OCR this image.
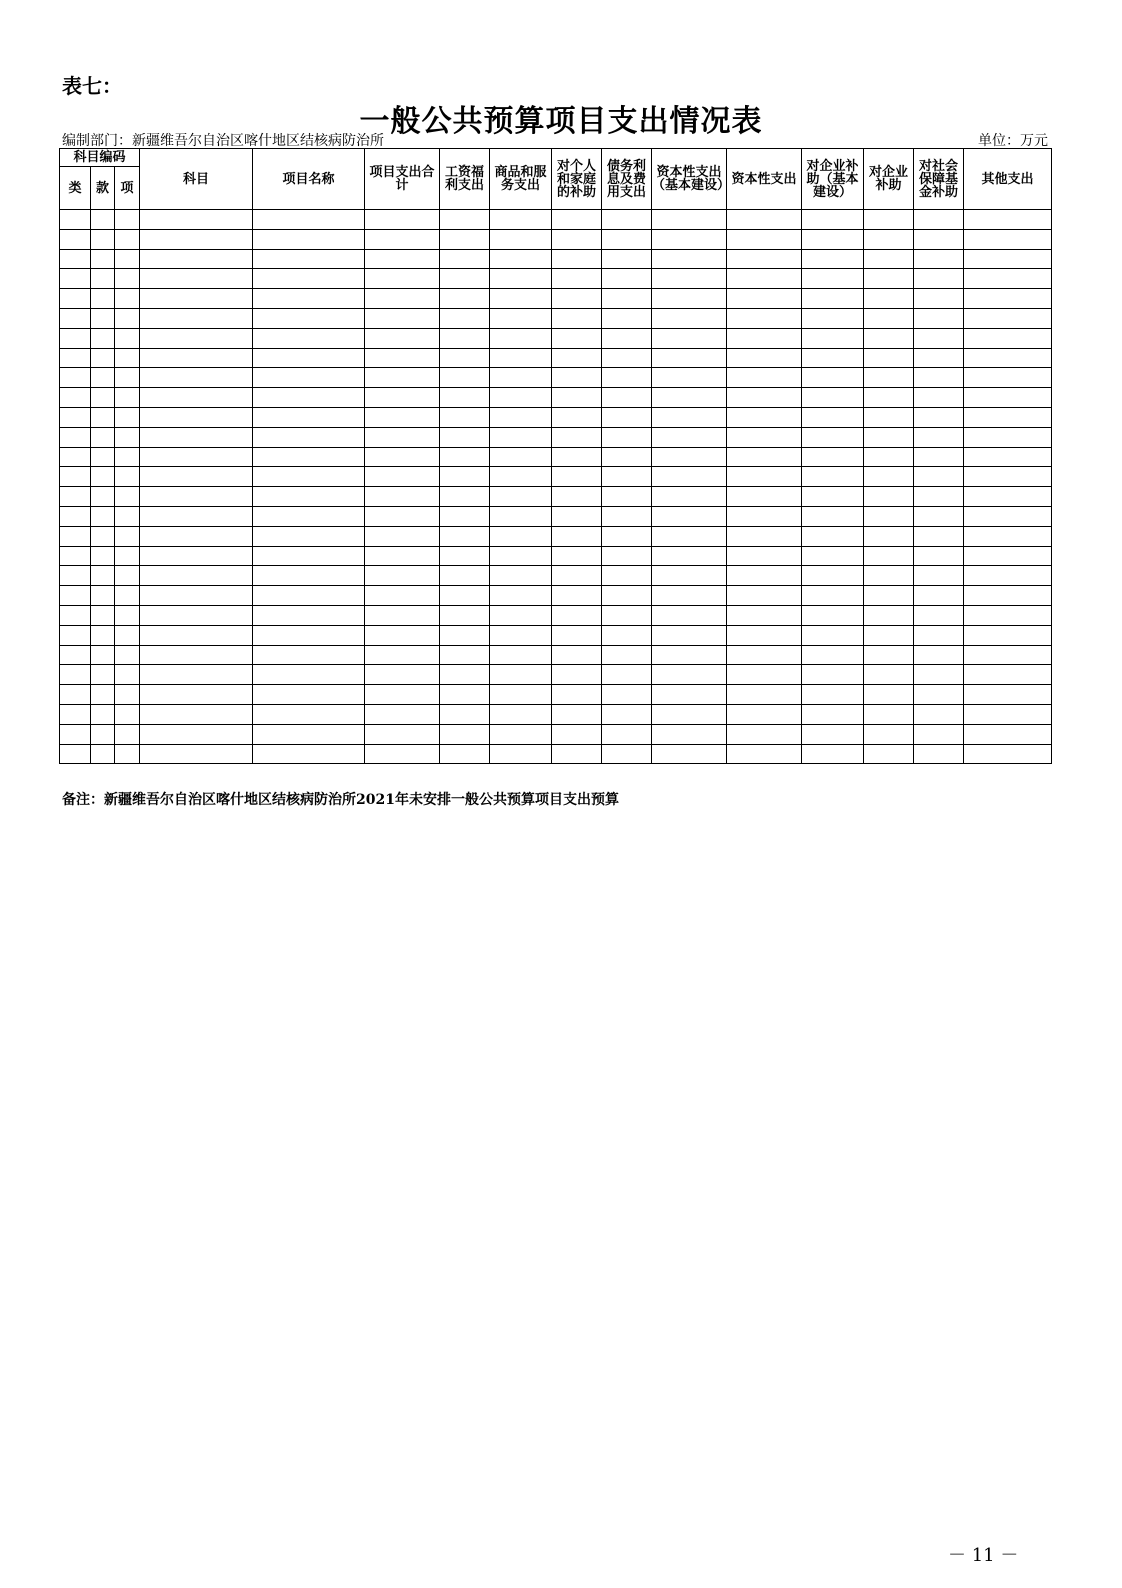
表七：
一般公共预算项目支出情况表
编制部门：新疆维吾尔自治区喀什地区结核病防治所	单位：万元
科目编码			科目	项目名称	项目支出合计	工资福利支出	商品和服务支出	对个人和家庭的补助	债务利息及费用支出	资本性支出（基本建设）	资本性支出	对企业补助（基本建设）	对企业补助	对社会保障基金补助	其他支出
类	款	项													

备注：新疆维吾尔自治区喀什地区结核病防治所2021年未安排一般公共预算项目支出预算
－ 11 －
